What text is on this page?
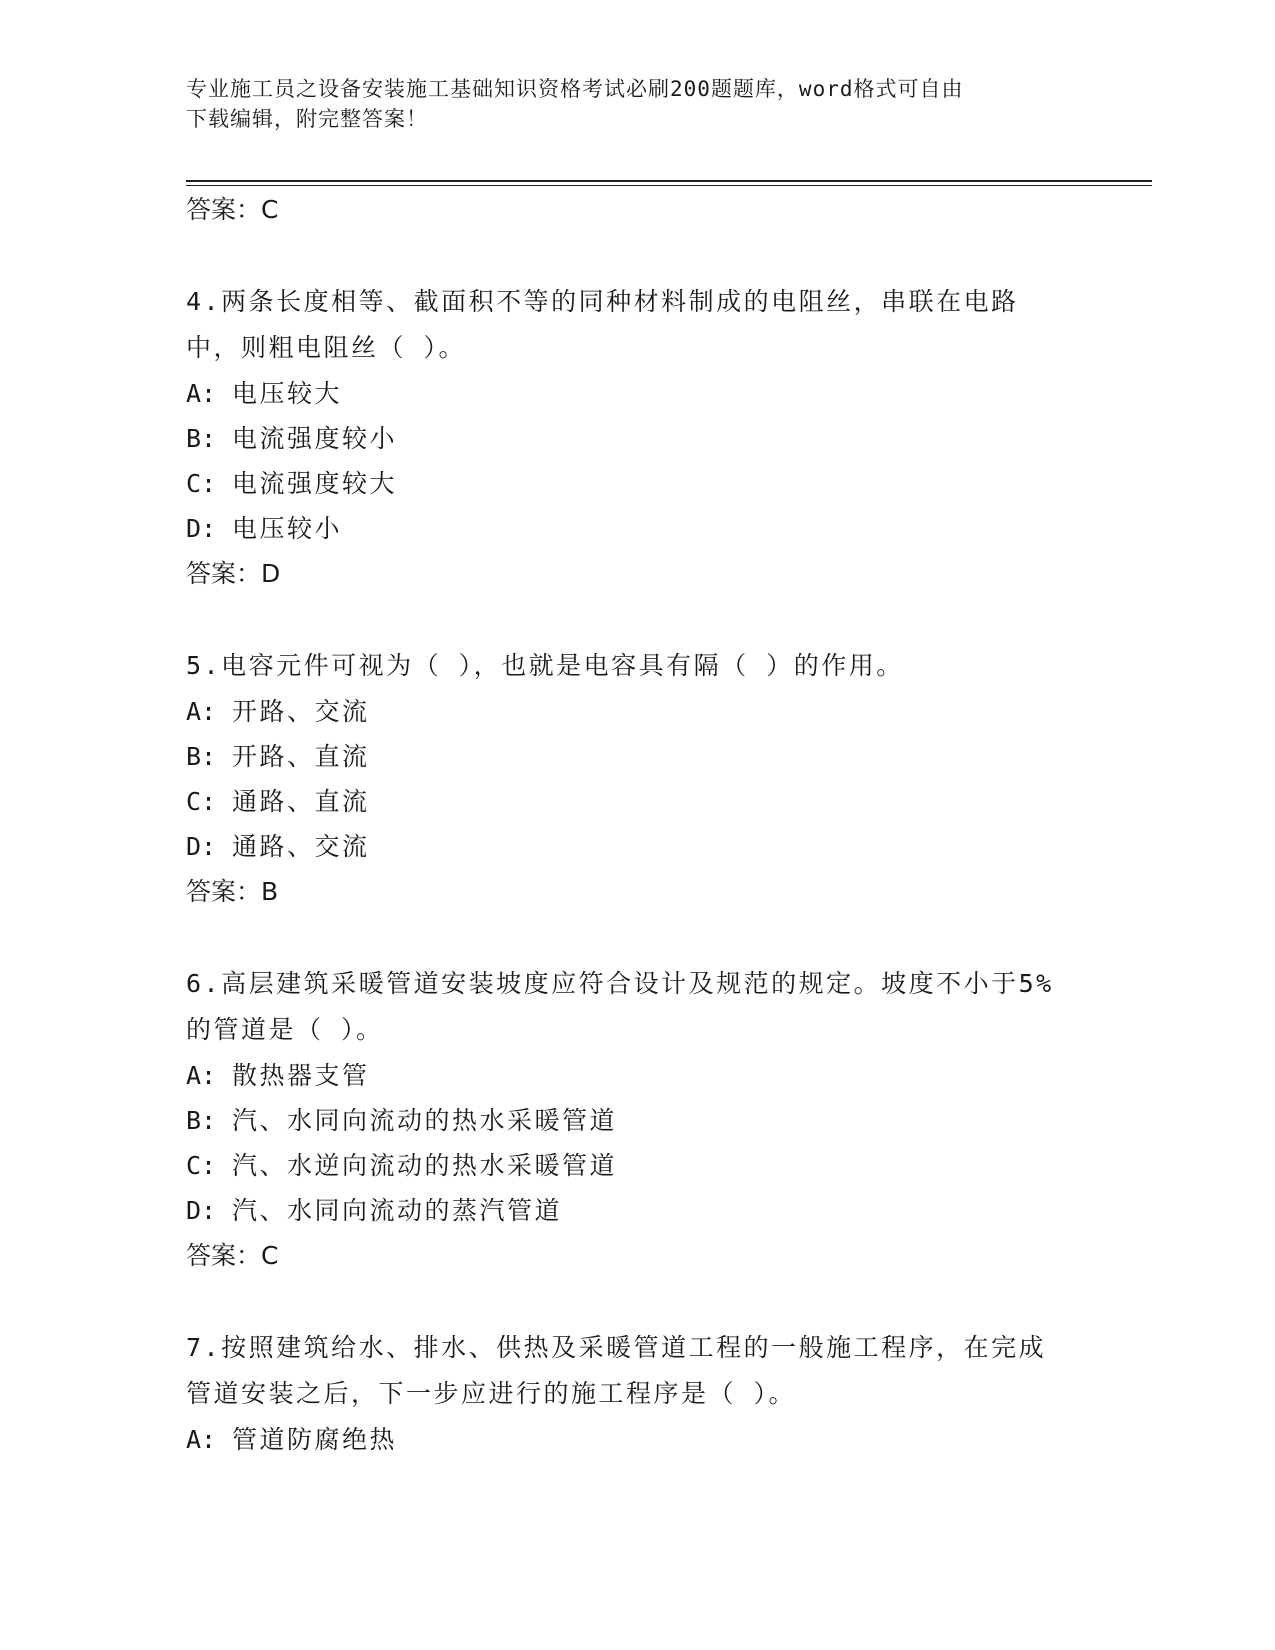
专业施工员之设备安装施工基础知识资格考试必刷200题题库，word格式可自由
下载编辑，附完整答案！

答案：C

4.两条长度相等、截面积不等的同种材料制成的电阻丝，串联在电路中，则粗电阻丝（ ）。

A: 电压较大

B: 电流强度较小

C: 电流强度较大

D: 电压较小

答案：D

5.电容元件可视为（ ），也就是电容具有隔（ ）的作用。

A: 开路、交流

B: 开路、直流

C: 通路、直流

D: 通路、交流

答案：B

6.高层建筑采暖管道安装坡度应符合设计及规范的规定。坡度不小于5%的管道是（ ）。

A: 散热器支管

B: 汽、水同向流动的热水采暖管道

C: 汽、水逆向流动的热水采暖管道

D: 汽、水同向流动的蒸汽管道

答案：C

7.按照建筑给水、排水、供热及采暖管道工程的一般施工程序，在完成管道安装之后，下一步应进行的施工程序是（ ）。

A: 管道防腐绝热
